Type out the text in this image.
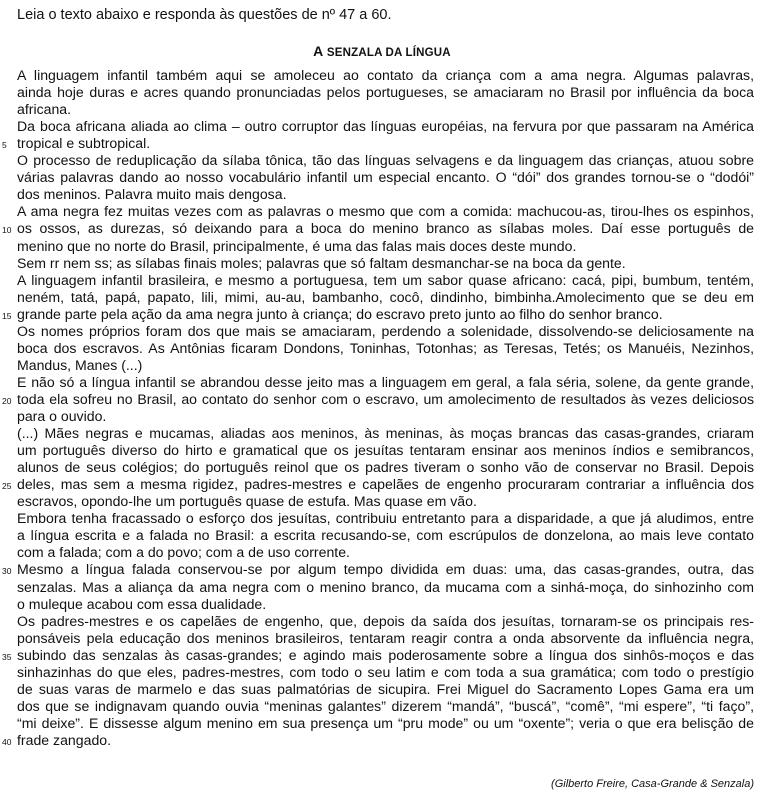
Leia o texto abaixo e responda às questões de nº 47 a 60.
A SENZALA DA LÍNGUA
A linguagem infantil também aqui se amoleceu ao contato da criança com a ama negra. Algumas palavras,
ainda hoje duras e acres quando pronunciadas pelos portugueses, se amaciaram no Brasil por influência da boca
africana.
Da boca africana aliada ao clima – outro corruptor das línguas européias, na fervura por que passaram na América
tropical e subtropical.
O processo de reduplicação da sílaba tônica, tão das línguas selvagens e da linguagem das crianças, atuou sobre
várias palavras dando ao nosso vocabulário infantil um especial encanto. O “dói” dos grandes tornou-se o “dodói”
dos meninos. Palavra muito mais dengosa.
A ama negra fez muitas vezes com as palavras o mesmo que com a comida: machucou-as, tirou-lhes os espinhos,
os ossos, as durezas, só deixando para a boca do menino branco as sílabas moles. Daí esse português de
menino que no norte do Brasil, principalmente, é uma das falas mais doces deste mundo.
Sem rr nem ss; as sílabas finais moles; palavras que só faltam desmanchar-se na boca da gente.
A linguagem infantil brasileira, e mesmo a portuguesa, tem um sabor quase africano: cacá, pipi, bumbum, tentém,
neném, tatá, papá, papato, lili, mimi, au-au, bambanho, cocô, dindinho, bimbinha.Amolecimento que se deu em
grande parte pela ação da ama negra junto à criança; do escravo preto junto ao filho do senhor branco.
Os nomes próprios foram dos que mais se amaciaram, perdendo a solenidade, dissolvendo-se deliciosamente na
boca dos escravos. As Antônias ficaram Dondons, Toninhas, Totonhas; as Teresas, Tetés; os Manuéis, Nezinhos,
Mandus, Manes (...)
E não só a língua infantil se abrandou desse jeito mas a linguagem em geral, a fala séria, solene, da gente grande,
toda ela sofreu no Brasil, ao contato do senhor com o escravo, um amolecimento de resultados às vezes deliciosos
para o ouvido.
(...) Mães negras e mucamas, aliadas aos meninos, às meninas, às moças brancas das casas-grandes, criaram
um português diverso do hirto e gramatical que os jesuítas tentaram ensinar aos meninos índios e semibrancos,
alunos de seus colégios; do português reinol que os padres tiveram o sonho vão de conservar no Brasil. Depois
deles, mas sem a mesma rigidez, padres-mestres e capelães de engenho procuraram contrariar a influência dos
escravos, opondo-lhe um português quase de estufa. Mas quase em vão.
Embora tenha fracassado o esforço dos jesuítas, contribuiu entretanto para a disparidade, a que já aludimos, entre
a língua escrita e a falada no Brasil: a escrita recusando-se, com escrúpulos de donzelona, ao mais leve contato
com a falada; com a do povo; com a de uso corrente.
Mesmo a língua falada conservou-se por algum tempo dividida em duas: uma, das casas-grandes, outra, das
senzalas. Mas a aliança da ama negra com o menino branco, da mucama com a sinhá-moça, do sinhozinho com
o muleque acabou com essa dualidade.
Os padres-mestres e os capelães de engenho, que, depois da saída dos jesuítas, tornaram-se os principais res-
ponsáveis pela educação dos meninos brasileiros, tentaram reagir contra a onda absorvente da influência negra,
subindo das senzalas às casas-grandes; e agindo mais poderosamente sobre a língua dos sinhôs-moços e das
sinhazinhas do que eles, padres-mestres, com todo o seu latim e com toda a sua gramática; com todo o prestígio
de suas varas de marmelo e das suas palmatórias de sicupira. Frei Miguel do Sacramento Lopes Gama era um
dos que se indignavam quando ouvia “meninas galantes” dizerem “mandá”, “buscá”, “comê”, “mi espere”, “ti faço”,
“mi deixe”. E dissesse algum menino em sua presença um “pru mode” ou um “oxente”; veria o que era belisção de
frade zangado.
5
10
15
20
25
30
35
40
(Gilberto Freire, Casa-Grande & Senzala)
